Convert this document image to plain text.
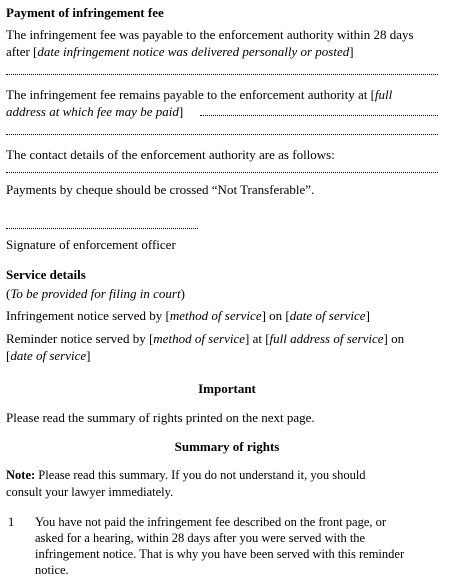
Payment of infringement fee
The infringement fee was payable to the enforcement authority within 28 days
after [date infringement notice was delivered personally or posted]
The infringement fee remains payable to the enforcement authority at [full
address at which fee may be paid]
The contact details of the enforcement authority are as follows:
Payments by cheque should be crossed “Not Transferable”.
Signature of enforcement officer
Service details
(To be provided for filing in court)
Infringement notice served by [method of service] on [date of service]
Reminder notice served by [method of service] at [full address of service] on
[date of service]
Important
Please read the summary of rights printed on the next page.
Summary of rights
Note: Please read this summary. If you do not understand it, you should
consult your lawyer immediately.
1 You have not paid the infringement fee described on the front page, or
asked for a hearing, within 28 days after you were served with the
infringement notice. That is why you have been served with this reminder
notice.
